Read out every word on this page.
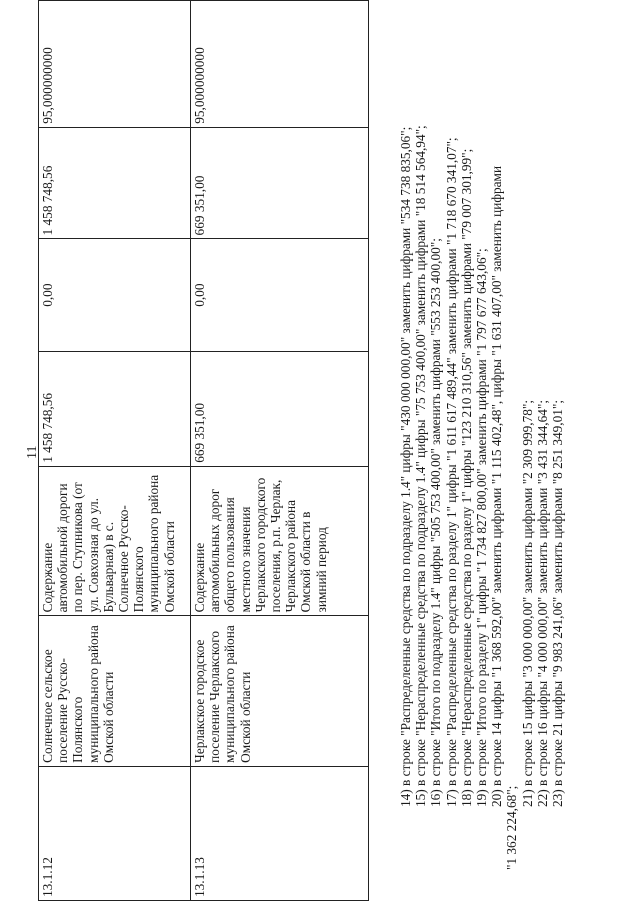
11
13.1.12	Солнечное сельское поселение Русско-Полянского муниципального района Омской области	Содержание автомобильной дороги по пер. Ступникова (от ул. Совхозная до ул. Бульварная) в с. Солнечное Русско-Полянского муниципального района Омской области	1 458 748,56	0,00	1 458 748,56	95,000000000
13.1.13	Черлакское городское поселение Черлакского муниципального района Омской области	Содержание автомобильных дорог общего пользования местного значения Черлакского городского поселения, р.п. Черлак, Черлакского района Омской области в зимний период	669 351,00	0,00	669 351,00	95,000000000
14) в строке "Распределенные средства по подразделу 1.4" цифры "430 000 000,00" заменить цифрами "534 738 835,06"; 15) в строке "Нераспределенные средства по подразделу 1.4" цифры "75 753 400,00" заменить цифрами "18 514 564,94"; 16) в строке "Итого по подразделу 1.4" цифры "505 753 400,00" заменить цифрами "553 253 400,00"; 17) в строке "Распределенные средства по разделу 1" цифры "1 611 617 489,44" заменить цифрами "1 718 670 341,07"; 18) в строке "Нераспределенные средства по разделу 1" цифры "123 210 310,56" заменить цифрами "79 007 301,99"; 19) в строке "Итого по разделу 1" цифры "1 734 827 800,00" заменить цифрами "1 797 677 643,06"; 20) в строке 14 цифры "1 368 592,00" заменить цифрами "1 115 402,48", цифры "1 631 407,00" заменить цифрами
"1 362 224,68";
21) в строке 15 цифры "3 000 000,00" заменить цифрами "2 309 999,78"; 22) в строке 16 цифры "4 000 000,00" заменить цифрами "3 431 344,64"; 23) в строке 21 цифры "9 983 241,06" заменить цифрами "8 251 349,01";
